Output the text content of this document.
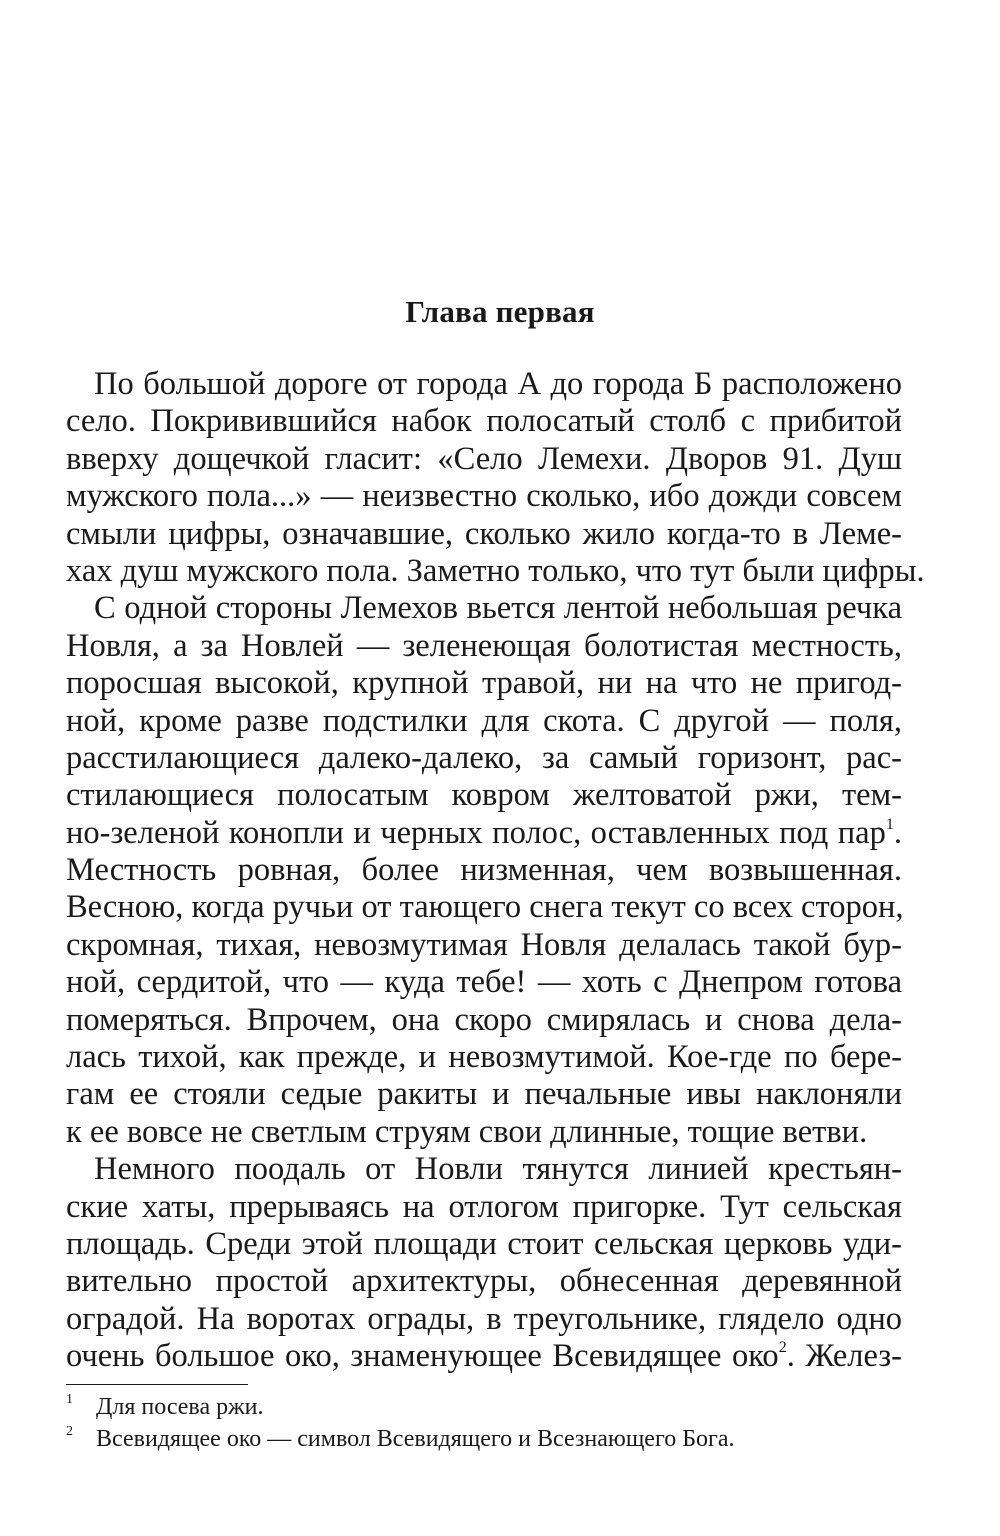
Глава первая
По большой дороге от города А до города Б расположено
село. Покривившийся набок полосатый столб с прибитой
вверху дощечкой гласит: «Село Лемехи. Дворов 91. Душ
мужского пола...» — неизвестно сколько, ибо дожди совсем
смыли цифры, означавшие, сколько жило когда-то в Леме-
хах душ мужского пола. Заметно только, что тут были цифры.
С одной стороны Лемехов вьется лентой небольшая речка
Новля, а за Новлей — зеленеющая болотистая местность,
поросшая высокой, крупной травой, ни на что не пригод-
ной, кроме разве подстилки для скота. С другой — поля,
расстилающиеся далеко-далеко, за самый горизонт, рас-
стилающиеся полосатым ковром желтоватой ржи, тем-
но-зеленой конопли и черных полос, оставленных под пар$^1$.
Местность ровная, более низменная, чем возвышенная.
Весною, когда ручьи от тающего снега текут со всех сторон,
скромная, тихая, невозмутимая Новля делалась такой бур-
ной, сердитой, что — куда тебе! — хоть с Днепром готова
померяться. Впрочем, она скоро смирялась и снова дела-
лась тихой, как прежде, и невозмутимой. Кое-где по бере-
гам ее стояли седые ракиты и печальные ивы наклоняли
к ее вовсе не светлым струям свои длинные, тощие ветви.
Немного поодаль от Новли тянутся линией крестьян-
ские хаты, прерываясь на отлогом пригорке. Тут сельская
площадь. Среди этой площади стоит сельская церковь уди-
вительно простой архитектуры, обнесенная деревянной
оградой. На воротах ограды, в треугольнике, глядело одно
очень большое око, знаменующее Всевидящее око$^2$. Желез-
1 Для посева ржи.
2 Всевидящее око — символ Всевидящего и Всезнающего Бога.
